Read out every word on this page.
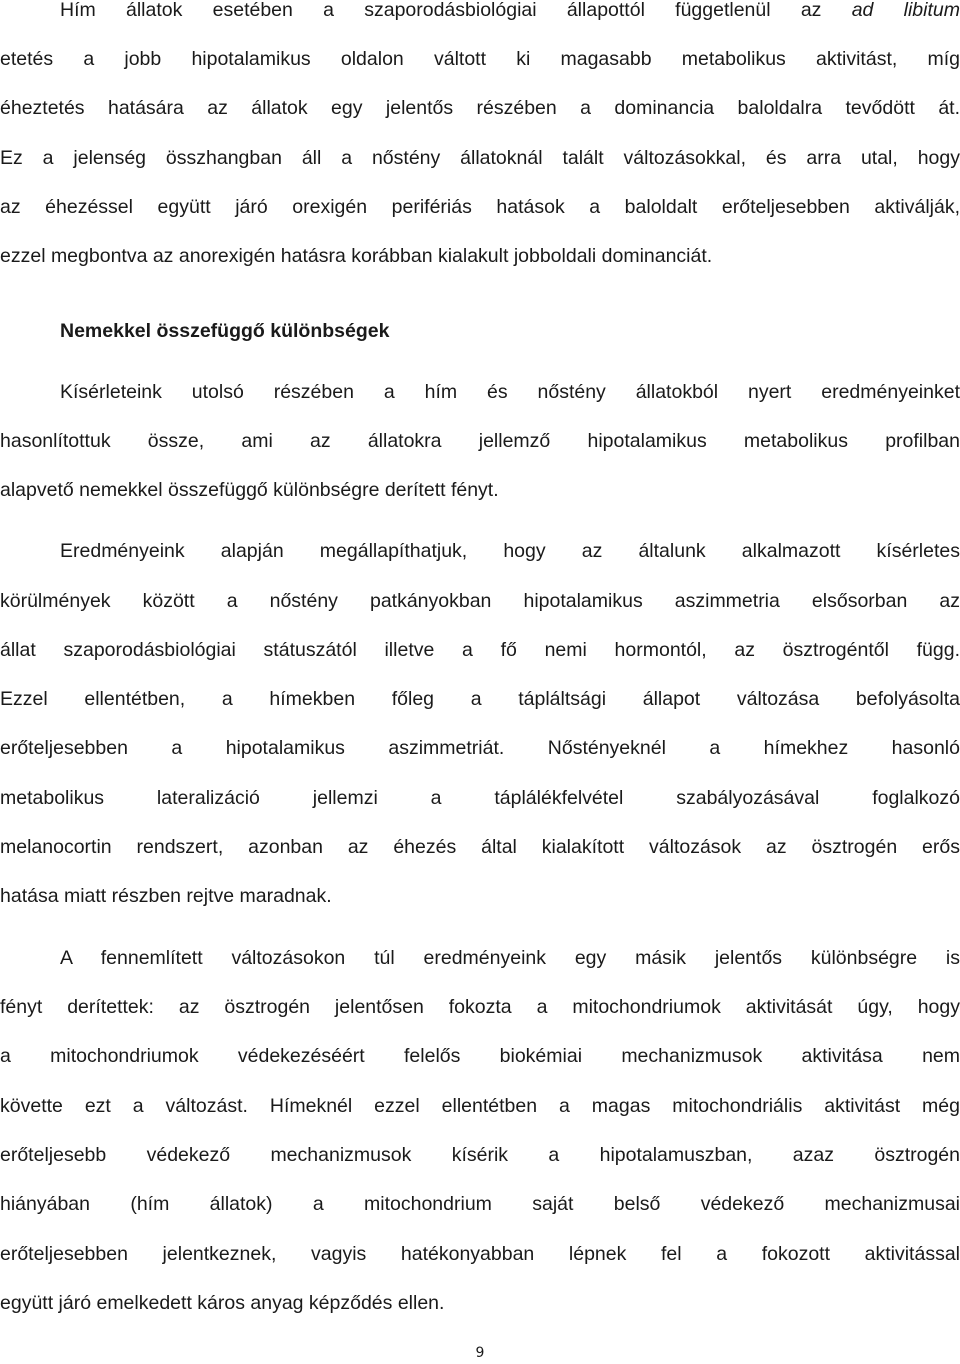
Hím állatok esetében a szaporodásbiológiai állapottól függetlenül az ad libitum
etetés a jobb hipotalamikus oldalon váltott ki magasabb metabolikus aktivitást, míg
éheztetés hatására az állatok egy jelentős részében a dominancia baloldalra tevődött át.
Ez a jelenség összhangban áll a nőstény állatoknál talált változásokkal, és arra utal, hogy
az éhezéssel együtt járó orexigén perifériás hatások a baloldalt erőteljesebben aktiválják,
ezzel megbontva az anorexigén hatásra korábban kialakult jobboldali dominanciát.
Nemekkel összefüggő különbségek
Kísérleteink utolsó részében a hím és nőstény állatokból nyert eredményeinket
hasonlítottuk össze, ami az állatokra jellemző hipotalamikus metabolikus profilban
alapvető nemekkel összefüggő különbségre derített fényt.
Eredményeink alapján megállapíthatjuk, hogy az általunk alkalmazott kísérletes
körülmények között a nőstény patkányokban hipotalamikus aszimmetria elsősorban az
állat szaporodásbiológiai státuszától illetve a fő nemi hormontól, az ösztrogéntől függ.
Ezzel ellentétben, a hímekben főleg a tápláltsági állapot változása befolyásolta
erőteljesebben a hipotalamikus aszimmetriát. Nőstényeknél a hímekhez hasonló
metabolikus lateralizáció jellemzi a táplálékfelvétel szabályozásával foglalkozó
melanocortin rendszert, azonban az éhezés által kialakított változások az ösztrogén erős
hatása miatt részben rejtve maradnak.
A fennemlített változásokon túl eredményeink egy másik jelentős különbségre is
fényt derítettek: az ösztrogén jelentősen fokozta a mitochondriumok aktivitását úgy, hogy
a mitochondriumok védekezéséért felelős biokémiai mechanizmusok aktivitása nem
követte ezt a változást. Hímeknél ezzel ellentétben a magas mitochondriális aktivitást még
erőteljesebb védekező mechanizmusok kísérik a hipotalamuszban, azaz ösztrogén
hiányában (hím állatok) a mitochondrium saját belső védekező mechanizmusai
erőteljesebben jelentkeznek, vagyis hatékonyabban lépnek fel a fokozott aktivitással
együtt járó emelkedett káros anyag képződés ellen.
9
